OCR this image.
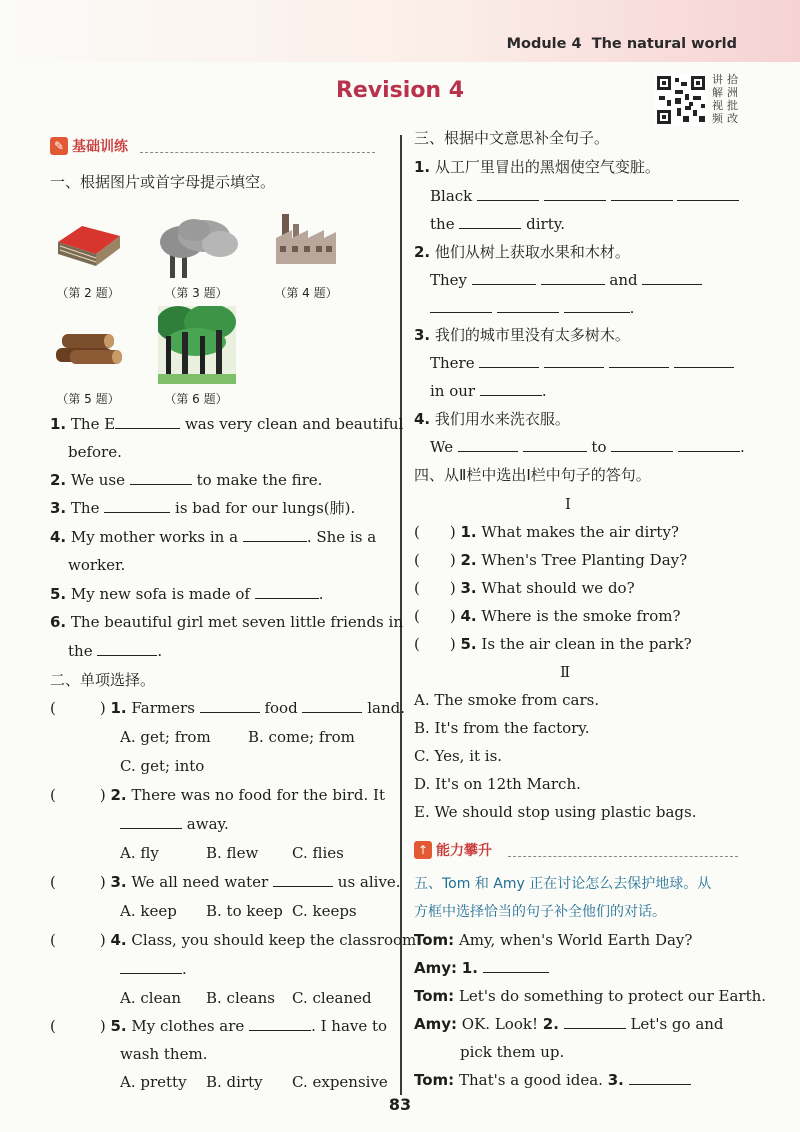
Module 4 The natural world
Revision 4	讲 拾
解 洲
视 批
频 改
✎ 基础训练
一、根据图片或首字母提示填空。
（第 2 题）	（第 3 题）	（第 4 题）
（第 5 题）	（第 6 题）
1. The E	was very clean and beautiful
before.
2. We use	to make the fire.
3. The	is bad for our lungs(肺).
4. My mother works in a	. She is a
worker.
5. My new sofa is made of	.
6. The beautiful girl met seven little friends in
the	.
二、单项选择。
(	) 1. Farmers	food	land.
A. get; from B. come; from
C. get; into
(	) 2. There was no food for the bird. It
away.
A. fly	B. flew C. flies
(	) 3. We all need water	us alive.
A. keep B. to keep C. keeps
(	) 4. Class, you should keep the classroom
.
A. clean B. cleans C. cleaned
(	) 5. My clothes are	. I have to
wash them.
A. pretty B. dirty C. expensive
三、根据中文意思补全句子。
1. 从工厂里冒出的黑烟使空气变脏。
Black
the	dirty.
2. 他们从树上获取水果和木材。
They	and
.
3. 我们的城市里没有太多树木。
There
in our	.
4. 我们用水来洗衣服。
We	to	.
四、从Ⅱ栏中选出Ⅰ栏中句子的答句。
Ⅰ
( ) 1. What makes the air dirty?
( ) 2. When's Tree Planting Day?
( ) 3. What should we do?
( ) 4. Where is the smoke from?
( ) 5. Is the air clean in the park?
Ⅱ
A. The smoke from cars.
B. It's from the factory.
C. Yes, it is.
D. It's on 12th March.
E. We should stop using plastic bags.
↑ 能力攀升
五、Tom 和 Amy 正在讨论怎么去保护地球。从
方框中选择恰当的句子补全他们的对话。
Tom: Amy, when's World Earth Day?
Amy: 1.
Tom: Let's do something to protect our Earth.
Amy: OK. Look! 2.	Let's go and
pick them up.
Tom: That's a good idea. 3.
83
